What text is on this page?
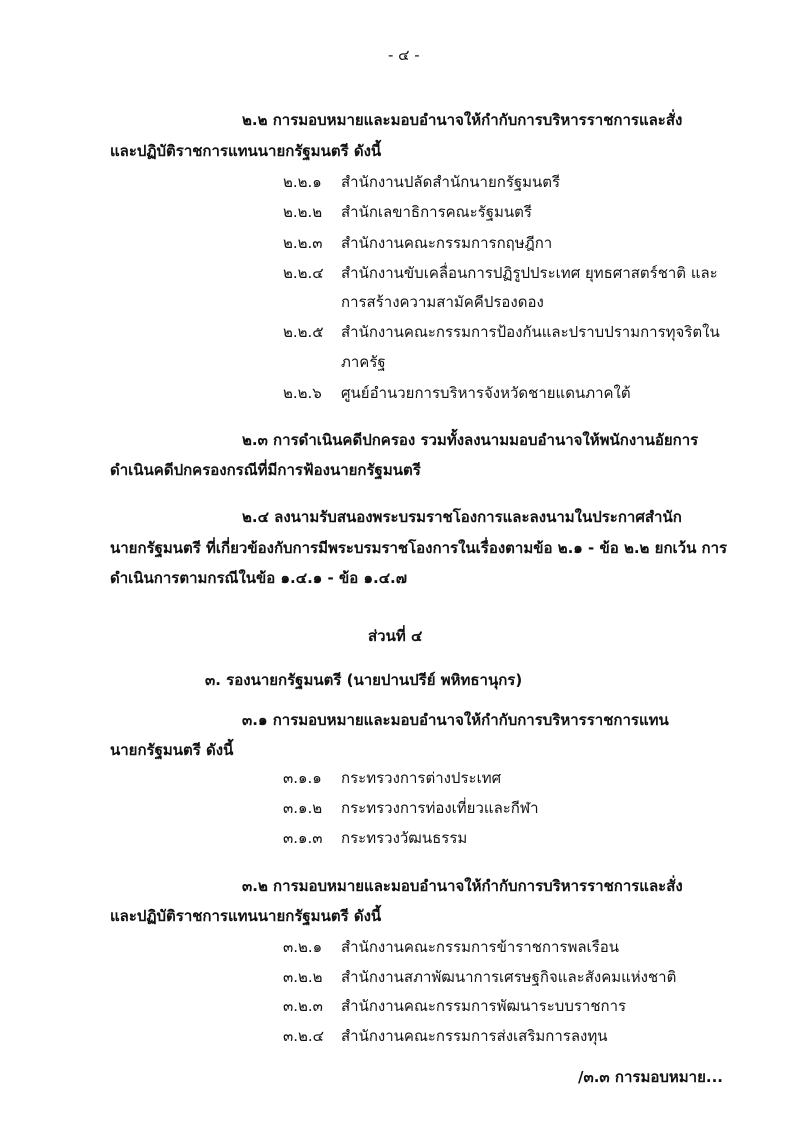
- ๔ -
๒.๒ การมอบหมายและมอบอำนาจให้กำกับการบริหารราชการและสั่ง
และปฏิบัติราชการแทนนายกรัฐมนตรี ดังนี้
๒.๒.๑ สำนักงานปลัดสำนักนายกรัฐมนตรี
๒.๒.๒ สำนักเลขาธิการคณะรัฐมนตรี
๒.๒.๓ สำนักงานคณะกรรมการกฤษฎีกา
๒.๒.๔ สำนักงานขับเคลื่อนการปฏิรูปประเทศ ยุทธศาสตร์ชาติ และ
การสร้างความสามัคคีปรองดอง
๒.๒.๕ สำนักงานคณะกรรมการป้องกันและปราบปรามการทุจริตใน
ภาครัฐ
๒.๒.๖ ศูนย์อำนวยการบริหารจังหวัดชายแดนภาคใต้
๒.๓ การดำเนินคดีปกครอง รวมทั้งลงนามมอบอำนาจให้พนักงานอัยการ
ดำเนินคดีปกครองกรณีที่มีการฟ้องนายกรัฐมนตรี
๒.๔ ลงนามรับสนองพระบรมราชโองการและลงนามในประกาศสำนัก
นายกรัฐมนตรี ที่เกี่ยวข้องกับการมีพระบรมราชโองการในเรื่องตามข้อ ๒.๑ - ข้อ ๒.๒ ยกเว้น การ
ดำเนินการตามกรณีในข้อ ๑.๔.๑ - ข้อ ๑.๔.๗
ส่วนที่ ๔
๓. รองนายกรัฐมนตรี (นายปานปรีย์ พหิทธานุกร)
๓.๑ การมอบหมายและมอบอำนาจให้กำกับการบริหารราชการแทน
นายกรัฐมนตรี ดังนี้
๓.๑.๑ กระทรวงการต่างประเทศ
๓.๑.๒ กระทรวงการท่องเที่ยวและกีฬา
๓.๑.๓ กระทรวงวัฒนธรรม
๓.๒ การมอบหมายและมอบอำนาจให้กำกับการบริหารราชการและสั่ง
และปฏิบัติราชการแทนนายกรัฐมนตรี ดังนี้
๓.๒.๑ สำนักงานคณะกรรมการข้าราชการพลเรือน
๓.๒.๒ สำนักงานสภาพัฒนาการเศรษฐกิจและสังคมแห่งชาติ
๓.๒.๓ สำนักงานคณะกรรมการพัฒนาระบบราชการ
๓.๒.๔ สำนักงานคณะกรรมการส่งเสริมการลงทุน
/๓.๓ การมอบหมาย...
